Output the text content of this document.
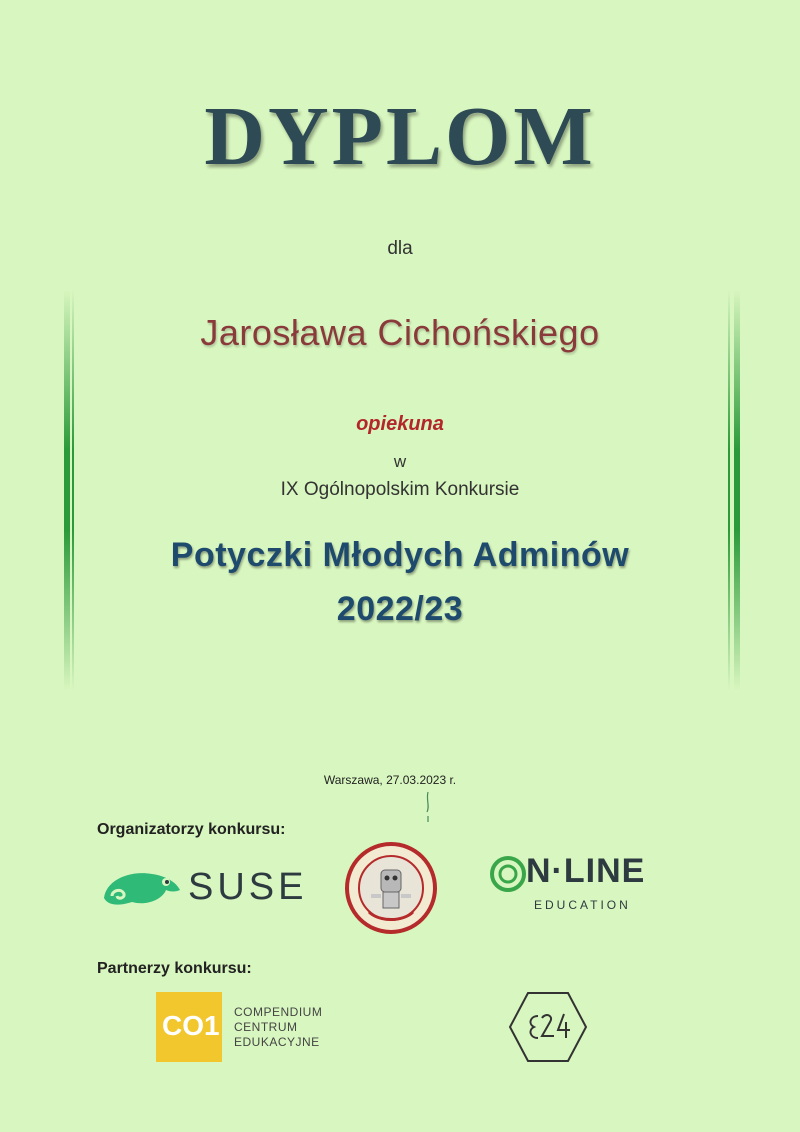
DYPLOM
dla
Jarosława Cichońskiego
opiekuna
w
IX Ogólnopolskim Konkursie
Potyczki Młodych Adminów
2022/23
Warszawa, 27.03.2023 r.
Organizatorzy konkursu:
SUSE	N·LINE
EDUCATION
Partnerzy konkursu:
CO1 COMPENDIUM
CENTRUM
EDUKACYJNE
